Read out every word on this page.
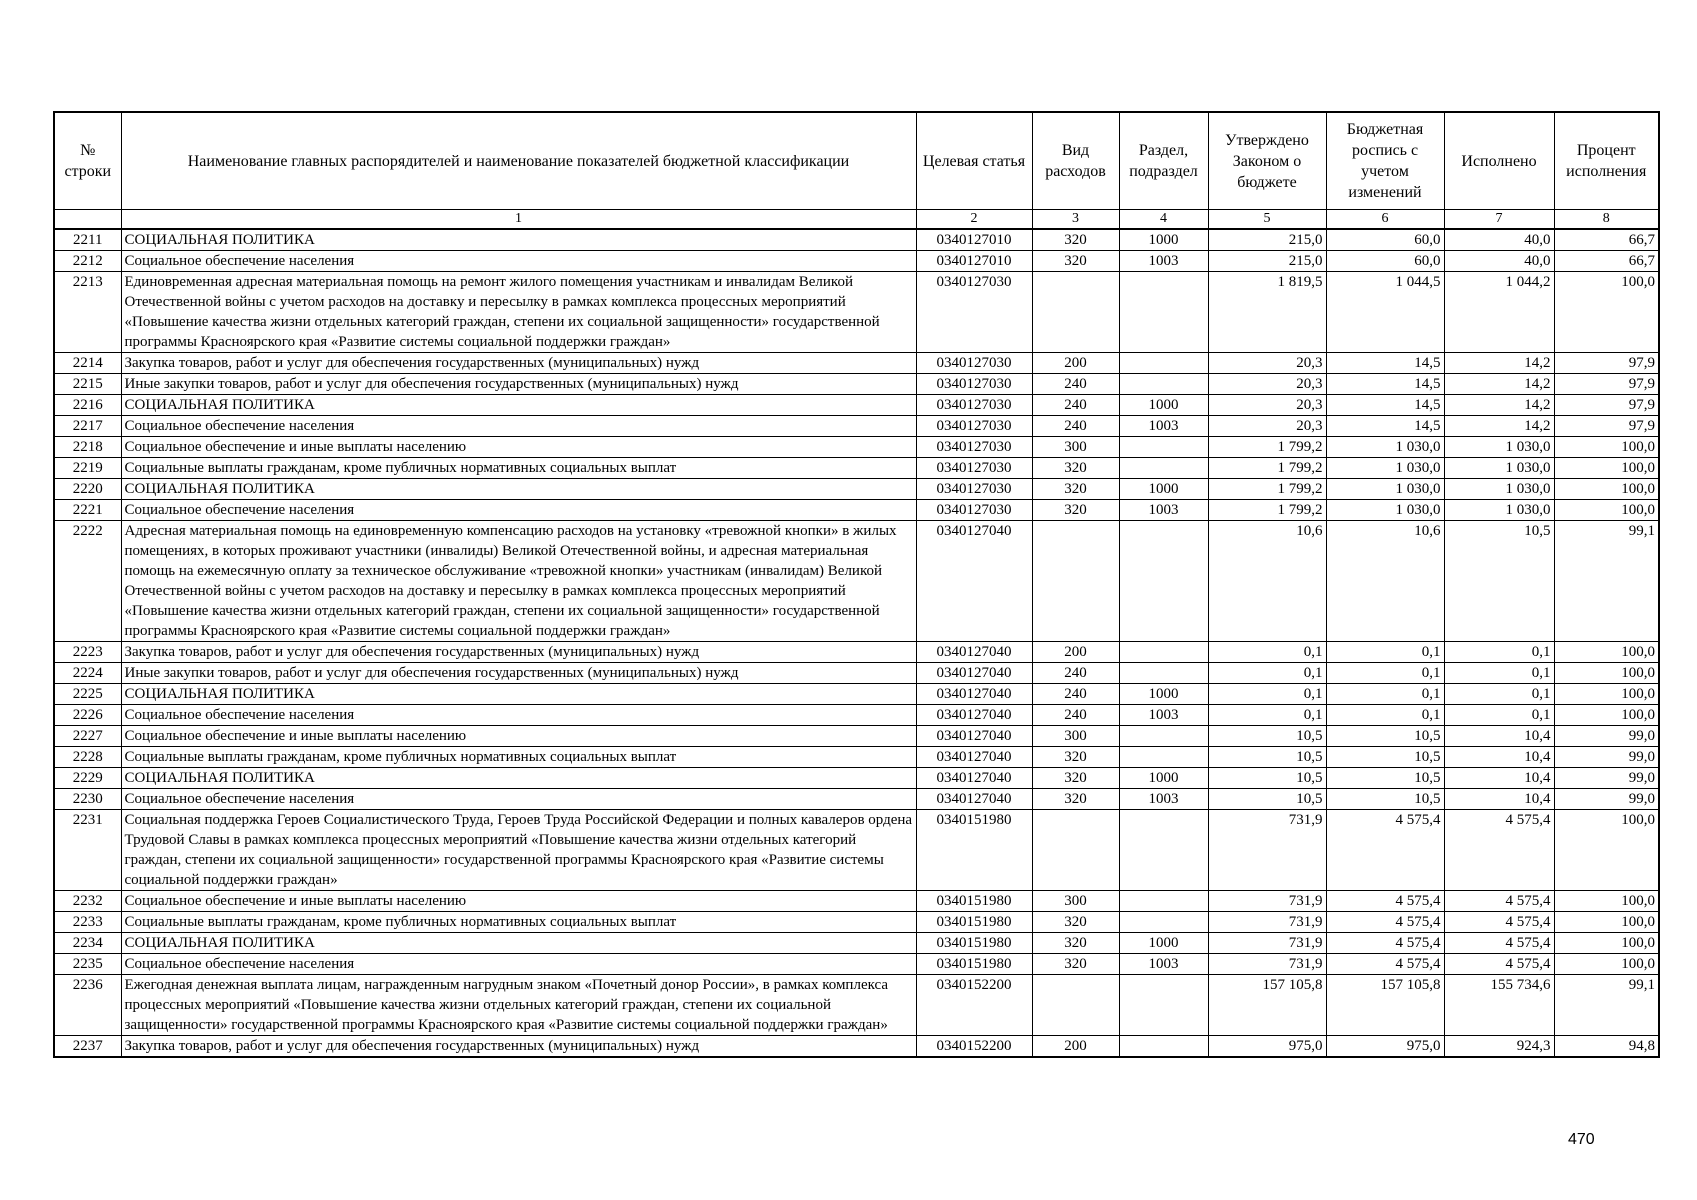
№ строки	Наименование главных распорядителей и наименование показателей бюджетной классификации	Целевая статья	Вид расходов	Раздел, подраздел	Утверждено Законом о бюджете	Бюджетная роспись с учетом изменений	Исполнено	Процент исполнения
	1	2	3	4	5	6	7	8
2211	СОЦИАЛЬНАЯ ПОЛИТИКА	0340127010	320	1000	215,0	60,0	40,0	66,7
2212	Социальное обеспечение населения	0340127010	320	1003	215,0	60,0	40,0	66,7
2213	Единовременная адресная материальная помощь на ремонт жилого помещения участникам и инвалидам Великой Отечественной войны с учетом расходов на доставку и пересылку в рамках комплекса процессных мероприятий «Повышение качества жизни отдельных категорий граждан, степени их социальной защищенности» государственной программы Красноярского края «Развитие системы социальной поддержки граждан»	0340127030			1 819,5	1 044,5	1 044,2	100,0
2214	Закупка товаров, работ и услуг для обеспечения государственных (муниципальных) нужд	0340127030	200		20,3	14,5	14,2	97,9
2215	Иные закупки товаров, работ и услуг для обеспечения государственных (муниципальных) нужд	0340127030	240		20,3	14,5	14,2	97,9
2216	СОЦИАЛЬНАЯ ПОЛИТИКА	0340127030	240	1000	20,3	14,5	14,2	97,9
2217	Социальное обеспечение населения	0340127030	240	1003	20,3	14,5	14,2	97,9
2218	Социальное обеспечение и иные выплаты населению	0340127030	300		1 799,2	1 030,0	1 030,0	100,0
2219	Социальные выплаты гражданам, кроме публичных нормативных социальных выплат	0340127030	320		1 799,2	1 030,0	1 030,0	100,0
2220	СОЦИАЛЬНАЯ ПОЛИТИКА	0340127030	320	1000	1 799,2	1 030,0	1 030,0	100,0
2221	Социальное обеспечение населения	0340127030	320	1003	1 799,2	1 030,0	1 030,0	100,0
2222	Адресная материальная помощь на единовременную компенсацию расходов на установку «тревожной кнопки» в жилых помещениях, в которых проживают участники (инвалиды) Великой Отечественной войны, и адресная материальная помощь на ежемесячную оплату за техническое обслуживание «тревожной кнопки» участникам (инвалидам) Великой Отечественной войны с учетом расходов на доставку и пересылку в рамках комплекса процессных мероприятий «Повышение качества жизни отдельных категорий граждан, степени их социальной защищенности» государственной программы Красноярского края «Развитие системы социальной поддержки граждан»	0340127040			10,6	10,6	10,5	99,1
2223	Закупка товаров, работ и услуг для обеспечения государственных (муниципальных) нужд	0340127040	200		0,1	0,1	0,1	100,0
2224	Иные закупки товаров, работ и услуг для обеспечения государственных (муниципальных) нужд	0340127040	240		0,1	0,1	0,1	100,0
2225	СОЦИАЛЬНАЯ ПОЛИТИКА	0340127040	240	1000	0,1	0,1	0,1	100,0
2226	Социальное обеспечение населения	0340127040	240	1003	0,1	0,1	0,1	100,0
2227	Социальное обеспечение и иные выплаты населению	0340127040	300		10,5	10,5	10,4	99,0
2228	Социальные выплаты гражданам, кроме публичных нормативных социальных выплат	0340127040	320		10,5	10,5	10,4	99,0
2229	СОЦИАЛЬНАЯ ПОЛИТИКА	0340127040	320	1000	10,5	10,5	10,4	99,0
2230	Социальное обеспечение населения	0340127040	320	1003	10,5	10,5	10,4	99,0
2231	Социальная поддержка Героев Социалистического Труда, Героев Труда Российской Федерации и полных кавалеров ордена Трудовой Славы в рамках комплекса процессных мероприятий «Повышение качества жизни отдельных категорий граждан, степени их социальной защищенности» государственной программы Красноярского края «Развитие системы социальной поддержки граждан»	0340151980			731,9	4 575,4	4 575,4	100,0
2232	Социальное обеспечение и иные выплаты населению	0340151980	300		731,9	4 575,4	4 575,4	100,0
2233	Социальные выплаты гражданам, кроме публичных нормативных социальных выплат	0340151980	320		731,9	4 575,4	4 575,4	100,0
2234	СОЦИАЛЬНАЯ ПОЛИТИКА	0340151980	320	1000	731,9	4 575,4	4 575,4	100,0
2235	Социальное обеспечение населения	0340151980	320	1003	731,9	4 575,4	4 575,4	100,0
2236	Ежегодная денежная выплата лицам, награжденным нагрудным знаком «Почетный донор России», в рамках комплекса процессных мероприятий «Повышение качества жизни отдельных категорий граждан, степени их социальной защищенности» государственной программы Красноярского края «Развитие системы социальной поддержки граждан»	0340152200			157 105,8	157 105,8	155 734,6	99,1
2237	Закупка товаров, работ и услуг для обеспечения государственных (муниципальных) нужд	0340152200	200		975,0	975,0	924,3	94,8
470
